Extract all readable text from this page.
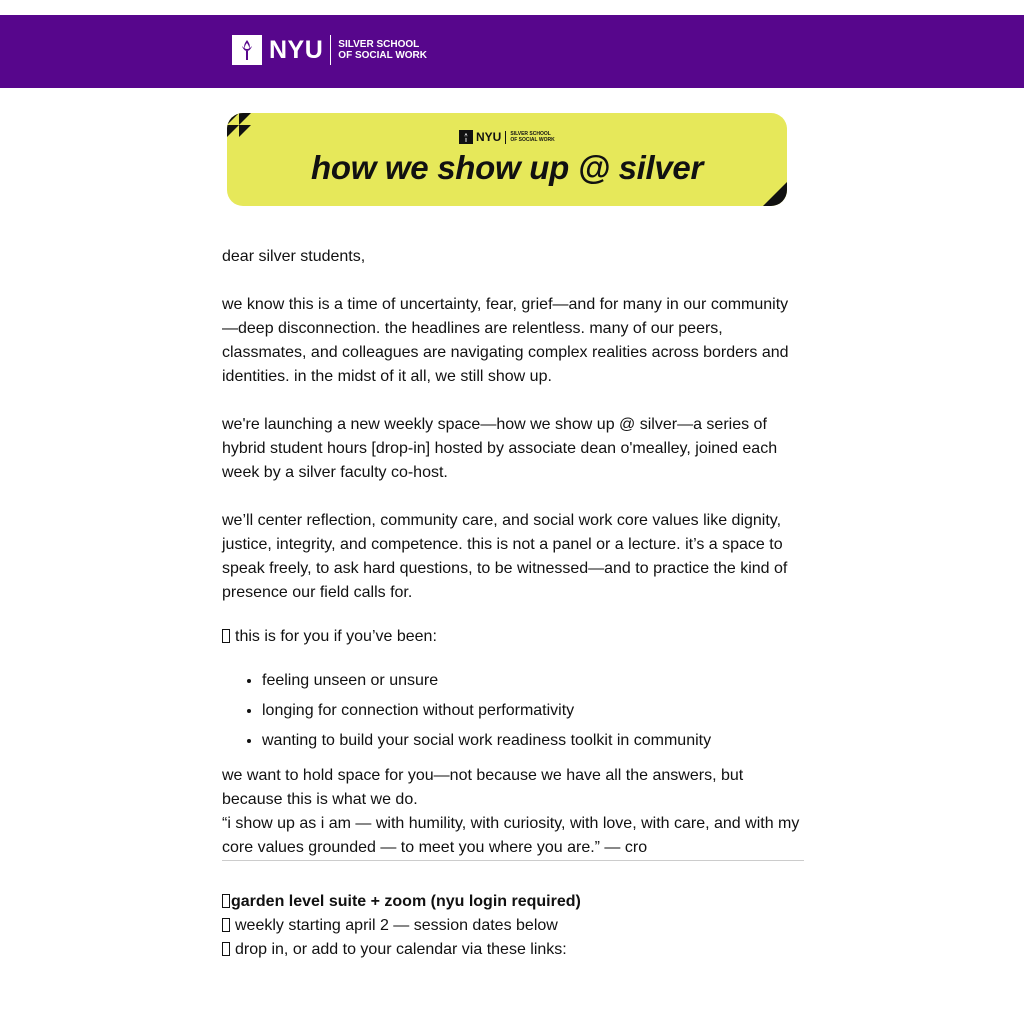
NYU SILVER SCHOOL
OF SOCIAL WORK
NYU SILVER SCHOOL
OF SOCIAL WORK
how we show up @ silver

dear silver students,

we know this is a time of uncertainty, fear, grief—and for many in our community—deep disconnection. the headlines are relentless. many of our peers, classmates, and colleagues are navigating complex realities across borders and identities. in the midst of it all, we still show up.

we're launching a new weekly space—how we show up @ silver—a series of hybrid student hours [drop-in] hosted by associate dean o'mealley, joined each week by a silver faculty co-host.

we’ll center reflection, community care, and social work core values like dignity, justice, integrity, and competence. this is not a panel or a lecture. it’s a space to speak freely, to ask hard questions, to be witnessed—and to practice the kind of presence our field calls for.

this is for you if you’ve been:

• feeling unseen or unsure
• longing for connection without performativity
• wanting to build your social work readiness toolkit in community

we want to hold space for you—not because we have all the answers, but because this is what we do.

“i show up as i am — with humility, with curiosity, with love, with care, and with my core values grounded — to meet you where you are.” — cro

garden level suite + zoom (nyu login required)
weekly starting april 2 — session dates below
drop in, or add to your calendar via these links:
